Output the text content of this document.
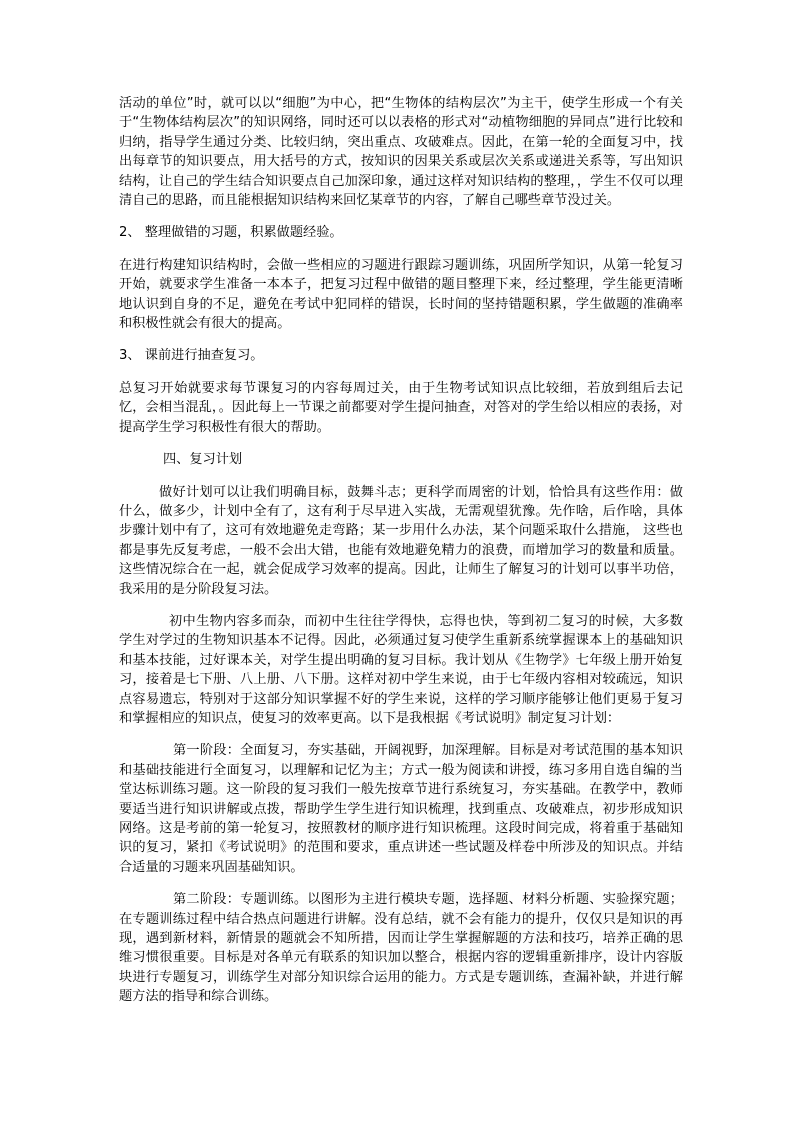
活动的单位”时，就可以以“细胞”为中心，把“生物体的结构层次”为主干，使学生形成一个有关于“生物体结构层次”的知识网络，同时还可以以表格的形式对“动植物细胞的异同点”进行比较和归纳，指导学生通过分类、比较归纳，突出重点、攻破难点。因此，在第一轮的全面复习中，找出每章节的知识要点，用大括号的方式，按知识的因果关系或层次关系或递进关系等，写出知识结构，让自己的学生结合知识要点自己加深印象，通过这样对知识结构的整理，，学生不仅可以理清自己的思路，而且能根据知识结构来回忆某章节的内容，了解自己哪些章节没过关。

2、 整理做错的习题，积累做题经验。

在进行构建知识结构时，会做一些相应的习题进行跟踪习题训练，巩固所学知识，从第一轮复习开始，就要求学生准备一本本子，把复习过程中做错的题目整理下来，经过整理，学生能更清晰地认识到自身的不足，避免在考试中犯同样的错误，长时间的坚持错题积累，学生做题的准确率和积极性就会有很大的提高。

3、 课前进行抽查复习。

总复习开始就要求每节课复习的内容每周过关，由于生物考试知识点比较细，若放到组后去记忆，会相当混乱，。因此每上一节课之前都要对学生提问抽查，对答对的学生给以相应的表扬，对提高学生学习积极性有很大的帮助。

四、复习计划

做好计划可以让我们明确目标，鼓舞斗志；更科学而周密的计划，恰恰具有这些作用：做什么，做多少，计划中全有了，这有利于尽早进入实战，无需观望犹豫。先作啥，后作啥，具体步骤计划中有了，这可有效地避免走弯路；某一步用什么办法，某个问题采取什么措施， 这些也都是事先反复考虑，一般不会出大错，也能有效地避免精力的浪费，而增加学习的数量和质量。这些情况综合在一起，就会促成学习效率的提高。因此，让师生了解复习的计划可以事半功倍，我采用的是分阶段复习法。

初中生物内容多而杂，而初中生往往学得快，忘得也快，等到初二复习的时候，大多数学生对学过的生物知识基本不记得。因此，必须通过复习使学生重新系统掌握课本上的基础知识和基本技能，过好课本关，对学生提出明确的复习目标。我计划从《生物学》七年级上册开始复习，接着是七下册、八上册、八下册。这样对初中学生来说，由于七年级内容相对较疏远，知识点容易遗忘，特别对于这部分知识掌握不好的学生来说，这样的学习顺序能够让他们更易于复习和掌握相应的知识点，使复习的效率更高。以下是我根据《考试说明》制定复习计划：

第一阶段：全面复习，夯实基础，开阔视野，加深理解。目标是对考试范围的基本知识和基础技能进行全面复习，以理解和记忆为主；方式一般为阅读和讲授，练习多用自选自编的当堂达标训练习题。这一阶段的复习我们一般先按章节进行系统复习，夯实基础。在教学中，教师要适当进行知识讲解或点拨，帮助学生学生进行知识梳理，找到重点、攻破难点，初步形成知识网络。这是考前的第一轮复习，按照教材的顺序进行知识梳理。这段时间完成，将着重于基础知识的复习，紧扣《考试说明》的范围和要求，重点讲述一些试题及样卷中所涉及的知识点。并结合适量的习题来巩固基础知识。

第二阶段：专题训练。以图形为主进行模块专题，选择题、材料分析题、实验探究题；在专题训练过程中结合热点问题进行讲解。没有总结，就不会有能力的提升，仅仅只是知识的再现，遇到新材料，新情景的题就会不知所措，因而让学生掌握解题的方法和技巧，培养正确的思维习惯很重要。目标是对各单元有联系的知识加以整合，根据内容的逻辑重新排序，设计内容版块进行专题复习，训练学生对部分知识综合运用的能力。方式是专题训练，查漏补缺，并进行解题方法的指导和综合训练。
